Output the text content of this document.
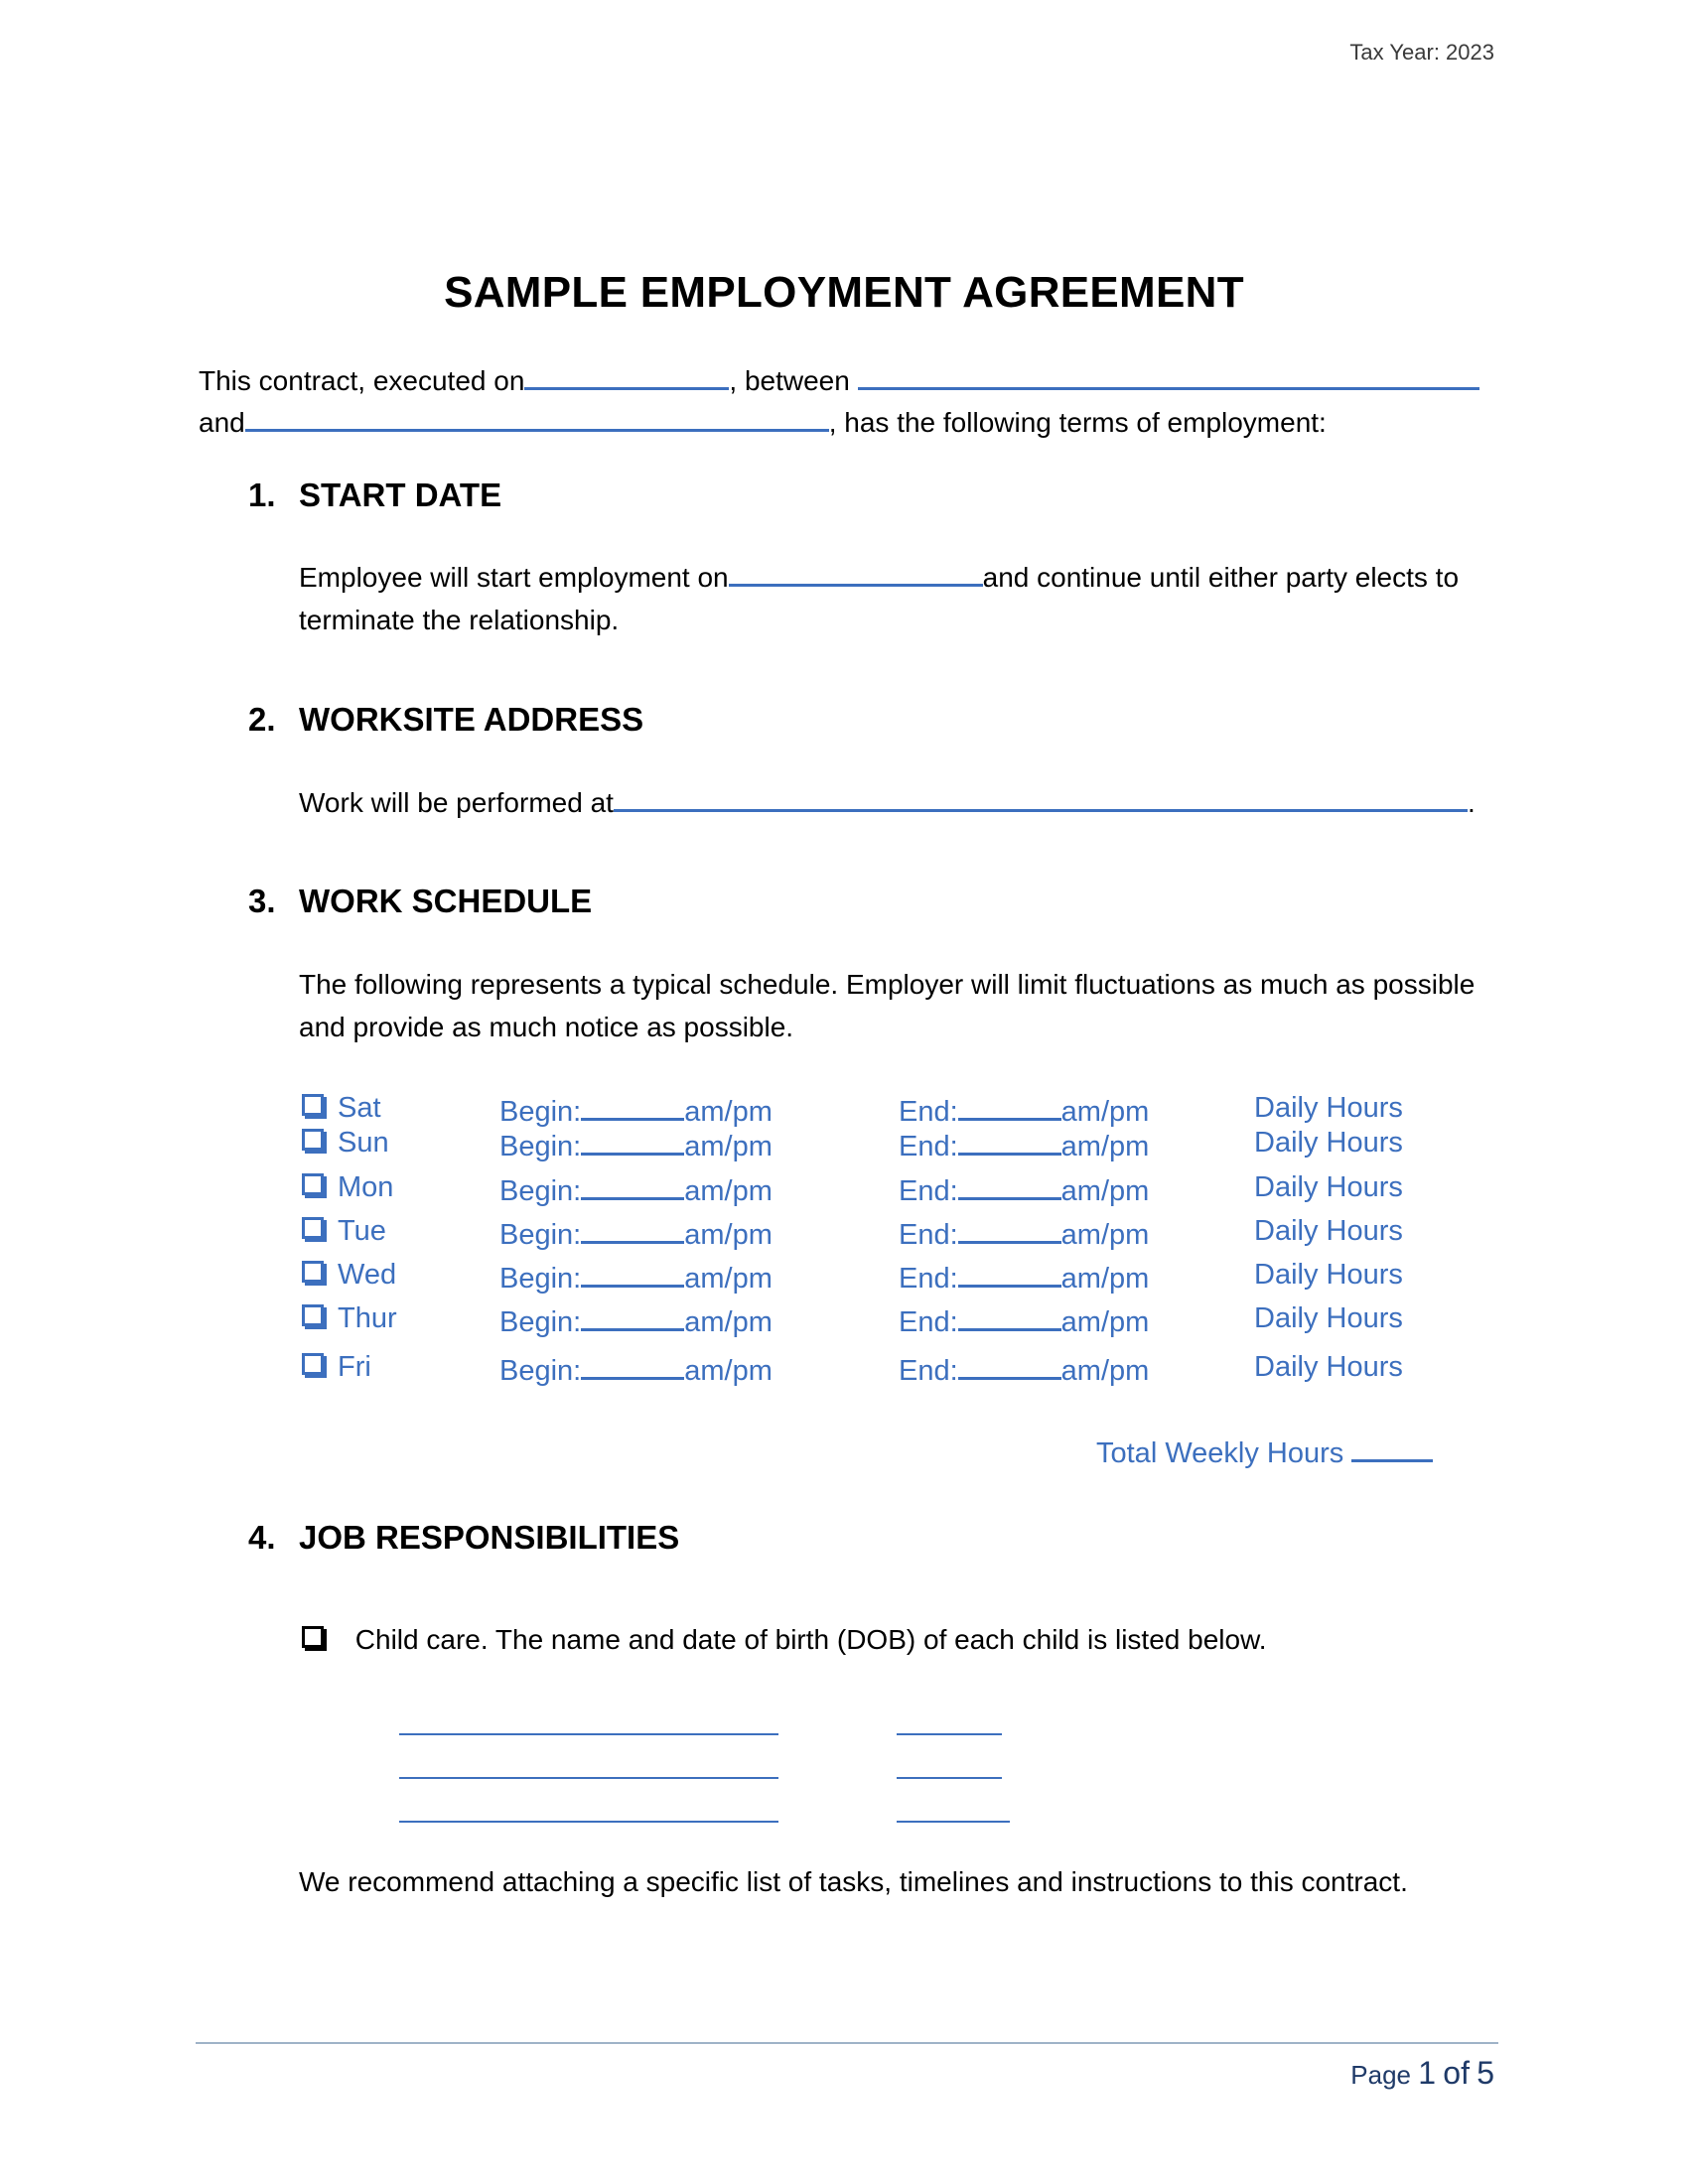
Tax Year: 2023
SAMPLE EMPLOYMENT AGREEMENT
This contract, executed on	, between
and	, has the following terms of employment:
1. START DATE
Employee will start employment on	and continue until either party elects to
terminate the relationship.
2. WORKSITE ADDRESS
Work will be performed at	.
3. WORK SCHEDULE
The following represents a typical schedule. Employer will limit fluctuations as much as possible
and provide as much notice as possible.
Sat	Begin:	am/pm	End:	am/pm	Daily Hours
Sun	Begin:	am/pm	End:	am/pm	Daily Hours
Mon	Begin:	am/pm	End:	am/pm	Daily Hours
Tue	Begin:	am/pm	End:	am/pm	Daily Hours
Wed	Begin:	am/pm	End:	am/pm	Daily Hours
Thur	Begin:	am/pm	End:	am/pm	Daily Hours
Fri	Begin:	am/pm	End:	am/pm	Daily Hours
Total Weekly Hours
4. JOB RESPONSIBILITIES
Child care. The name and date of birth (DOB) of each child is listed below.
We recommend attaching a specific list of tasks, timelines and instructions to this contract.
Page 1 of 5
